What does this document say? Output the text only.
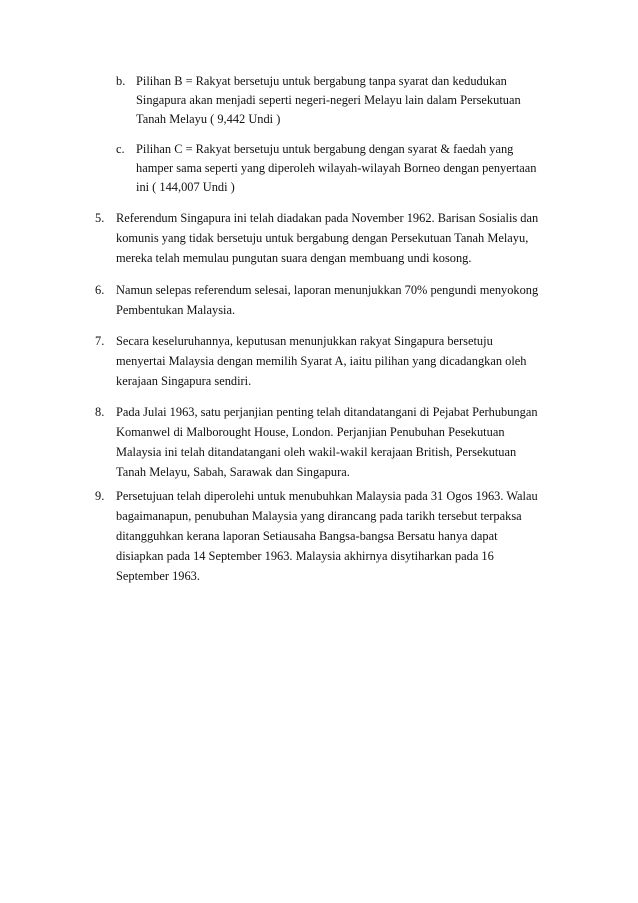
b. Pilihan B = Rakyat bersetuju untuk bergabung tanpa syarat dan kedudukan
Singapura akan menjadi seperti negeri-negeri Melayu lain dalam Persekutuan
Tanah Melayu ( 9,442 Undi )
c. Pilihan C = Rakyat bersetuju untuk bergabung dengan syarat & faedah yang
hamper sama seperti yang diperoleh wilayah-wilayah Borneo dengan penyertaan
ini ( 144,007 Undi )
5. Referendum Singapura ini telah diadakan pada November 1962. Barisan Sosialis dan
komunis yang tidak bersetuju untuk bergabung dengan Persekutuan Tanah Melayu,
mereka telah memulau pungutan suara dengan membuang undi kosong.
6. Namun selepas referendum selesai, laporan menunjukkan 70% pengundi menyokong
Pembentukan Malaysia.
7. Secara keseluruhannya, keputusan menunjukkan rakyat Singapura bersetuju
menyertai Malaysia dengan memilih Syarat A, iaitu pilihan yang dicadangkan oleh
kerajaan Singapura sendiri.
8. Pada Julai 1963, satu perjanjian penting telah ditandatangani di Pejabat Perhubungan
Komanwel di Malborought House, London. Perjanjian Penubuhan Pesekutuan
Malaysia ini telah ditandatangani oleh wakil-wakil kerajaan British, Persekutuan
Tanah Melayu, Sabah, Sarawak dan Singapura.
9. Persetujuan telah diperolehi untuk menubuhkan Malaysia pada 31 Ogos 1963. Walau
bagaimanapun, penubuhan Malaysia yang dirancang pada tarikh tersebut terpaksa
ditangguhkan kerana laporan Setiausaha Bangsa-bangsa Bersatu hanya dapat
disiapkan pada 14 September 1963. Malaysia akhirnya disytiharkan pada 16
September 1963.
